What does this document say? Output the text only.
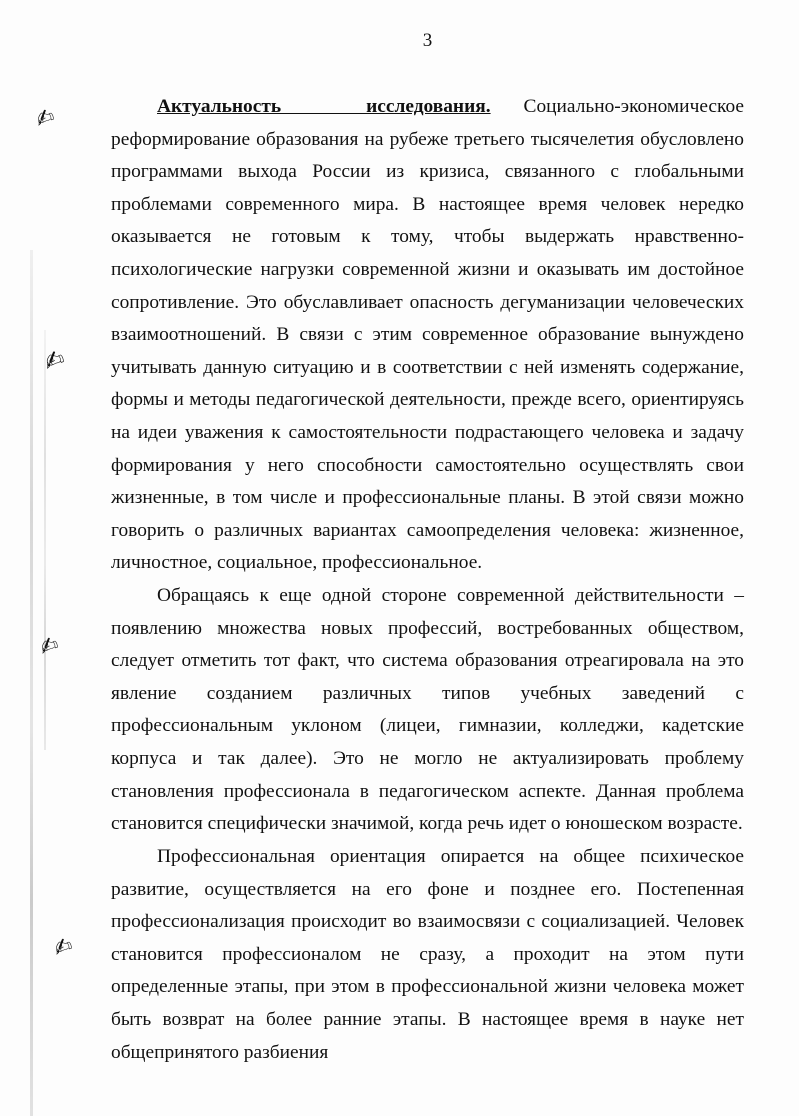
3
✍
✍
✍
✍

Актуальность исследования. Социально-экономическое реформирование образования на рубеже третьего тысячелетия обусловлено программами выхода России из кризиса, связанного с глобальными проблемами современного мира. В настоящее время человек нередко оказывается не готовым к тому, чтобы выдержать нравственно-психологические нагрузки современной жизни и оказывать им достойное сопротивление. Это обуславливает опасность дегуманизации человеческих взаимоотношений. В связи с этим современное образование вынуждено учитывать данную ситуацию и в соответствии с ней изменять содержание, формы и методы педагогической деятельности, прежде всего, ориентируясь на идеи уважения к самостоятельности подрастающего человека и задачу формирования у него способности самостоятельно осуществлять свои жизненные, в том числе и профессиональные планы. В этой связи можно говорить о различных вариантах самоопределения человека: жизненное, личностное, социальное, профессиональное.

Обращаясь к еще одной стороне современной действительности – появлению множества новых профессий, востребованных обществом, следует отметить тот факт, что система образования отреагировала на это явление созданием различных типов учебных заведений с профессиональным уклоном (лицеи, гимназии, колледжи, кадетские корпуса и так далее). Это не могло не актуализировать проблему становления профессионала в педагогическом аспекте. Данная проблема становится специфически значимой, когда речь идет о юношеском возрасте.

Профессиональная ориентация опирается на общее психическое развитие, осуществляется на его фоне и позднее его. Постепенная профессионализация происходит во взаимосвязи с социализацией. Человек становится профессионалом не сразу, а проходит на этом пути определенные этапы, при этом в профессиональной жизни человека может быть возврат на более ранние этапы. В настоящее время в науке нет общепринятого разбиения
